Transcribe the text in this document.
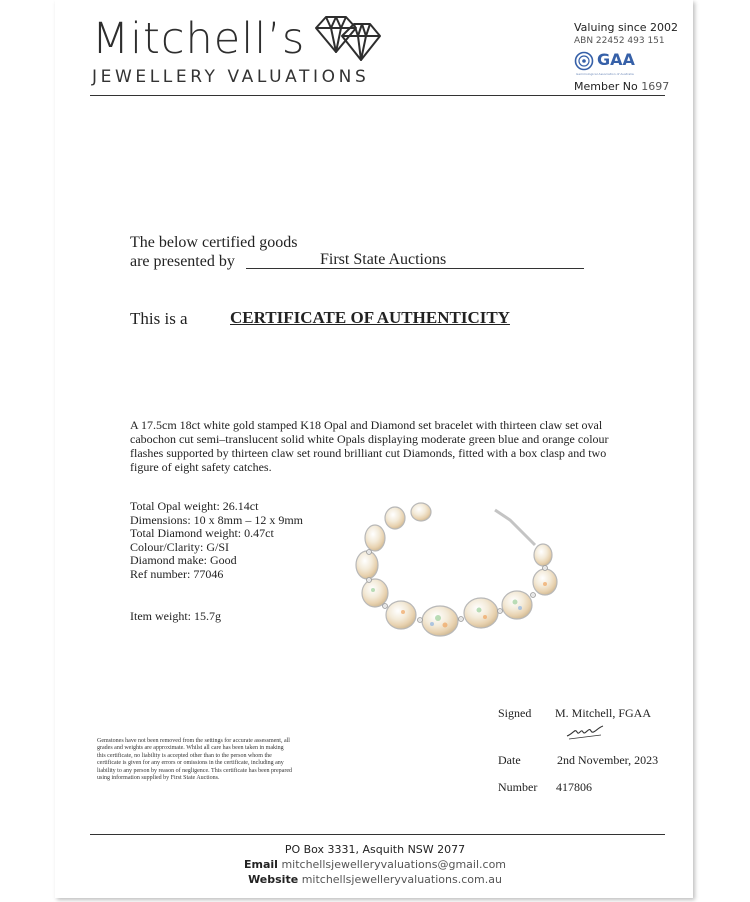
Mitchell’s
JEWELLERY VALUATIONS
Valuing since 2002
ABN 22452 493 151
GAA
Gemmological Association of Australia
Member No 1697
The below certified goods
are presented by	First State Auctions
This is a CERTIFICATE OF AUTHENTICITY
A 17.5cm 18ct white gold stamped K18 Opal and Diamond set bracelet with thirteen claw set oval cabochon cut semi–translucent solid white Opals displaying moderate green blue and orange colour flashes supported by thirteen claw set round brilliant cut Diamonds, fitted with a box clasp and two figure of eight safety catches.
Total Opal weight: 26.14ct
Dimensions: 10 x 8mm – 12 x 9mm
Total Diamond weight: 0.47ct
Colour/Clarity: G/SI
Diamond make: Good
Ref number: 77046
Item weight: 15.7g
Gemstones have not been removed from the settings for accurate assessment, all grades and weights are approximate. Whilst all care has been taken in making this certificate, no liability is accepted other than to the person whom the certificate is given for any errors or omissions in the certificate, including any liability to any person by reason of negligence. This certificate has been prepared using information supplied by First State Auctions.
Signed M. Mitchell, FGAA
Date	2nd November, 2023
Number 417806
PO Box 3331, Asquith NSW 2077
Email mitchellsjewelleryvaluations@gmail.com
Website mitchellsjewelleryvaluations.com.au
